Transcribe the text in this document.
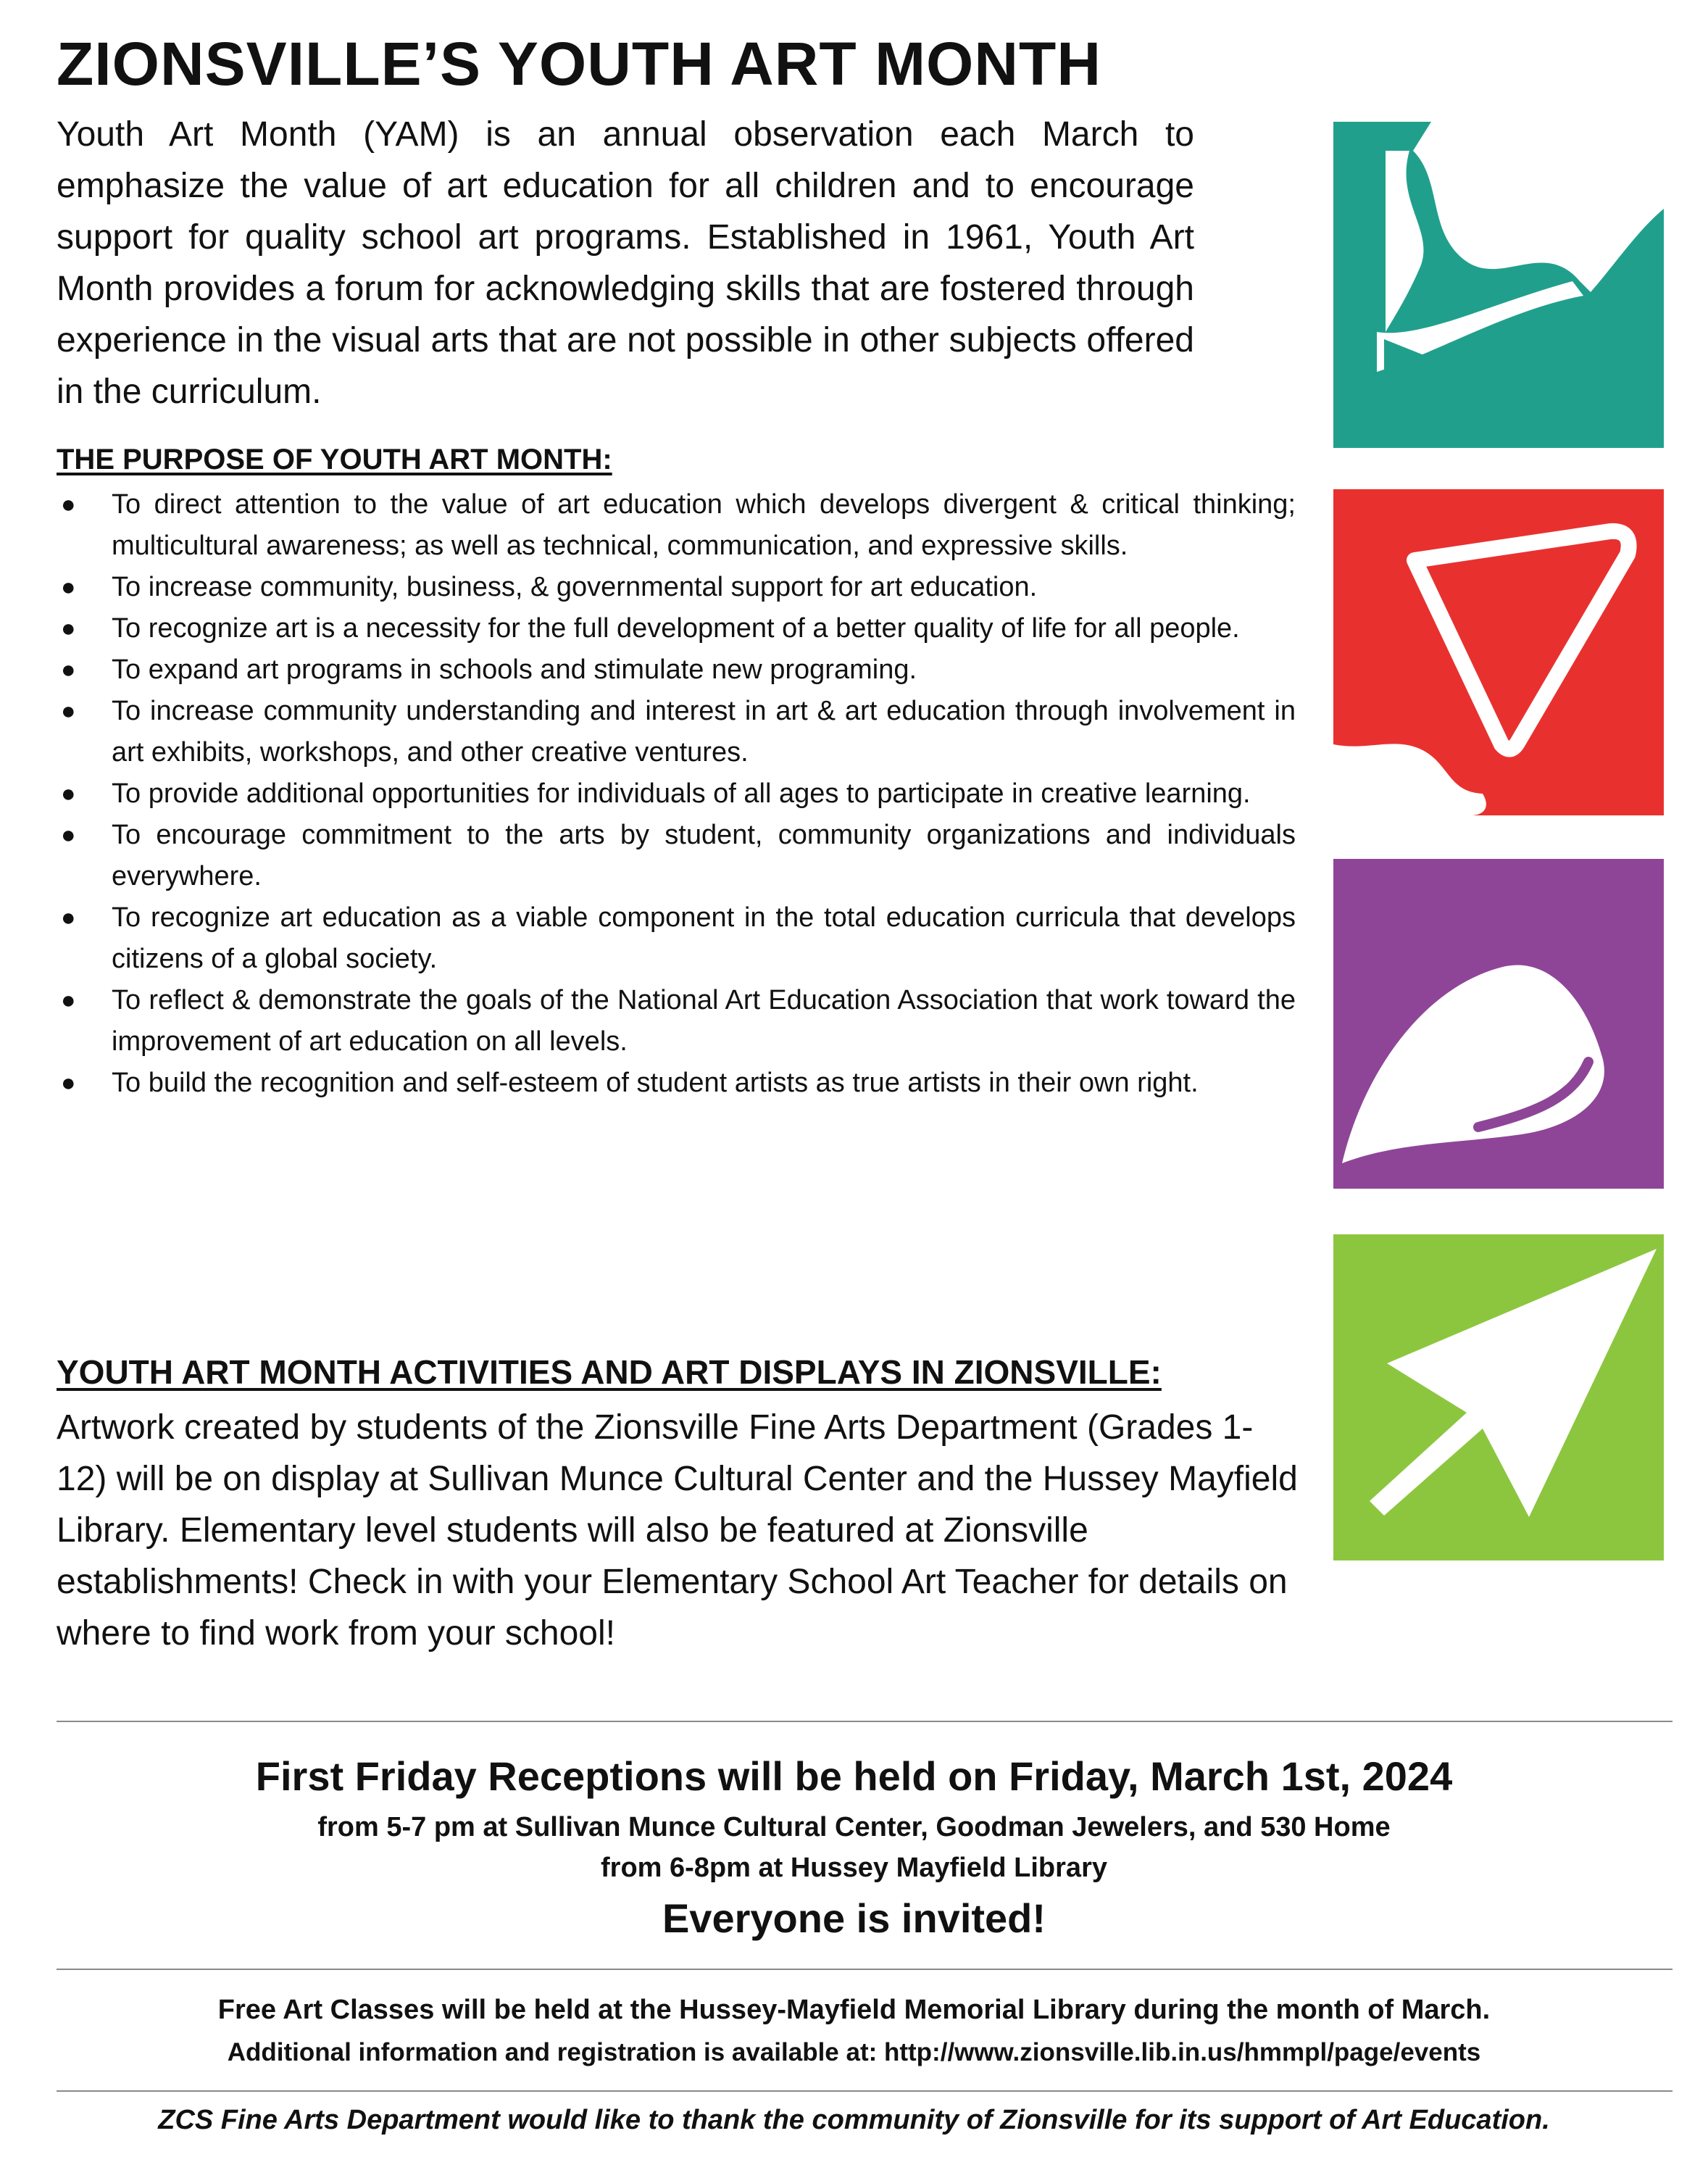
ZIONSVILLE’S YOUTH ART MONTH

Youth Art Month (YAM) is an annual observation each March to emphasize the value of art education for all children and to encourage support for quality school art programs. Established in 1961, Youth Art Month provides a forum for acknowledging skills that are fostered through experience in the visual arts that are not possible in other subjects offered in the curriculum.

THE PURPOSE OF YOUTH ART MONTH:
● To direct attention to the value of art education which develops divergent & critical thinking; multicultural awareness; as well as technical, communication, and expressive skills.
● To increase community, business, & governmental support for art education.
● To recognize art is a necessity for the full development of a better quality of life for all people.
● To expand art programs in schools and stimulate new programing.
● To increase community understanding and interest in art & art education through involvement in art exhibits, workshops, and other creative ventures.
● To provide additional opportunities for individuals of all ages to participate in creative learning.
● To encourage commitment to the arts by student, community organizations and individuals everywhere.
● To recognize art education as a viable component in the total education curricula that develops citizens of a global society.
● To reflect & demonstrate the goals of the National Art Education Association that work toward the improvement of art education on all levels.
● To build the recognition and self-esteem of student artists as true artists in their own right.
YOUTH ART MONTH ACTIVITIES AND ART DISPLAYS IN ZIONSVILLE:

Artwork created by students of the Zionsville Fine Arts Department (Grades 1-12) will be on display at Sullivan Munce Cultural Center and the Hussey Mayfield Library. Elementary level students will also be featured at Zionsville establishments! Check in with your Elementary School Art Teacher for details on where to find work from your school!

First Friday Receptions will be held on Friday, March 1st, 2024
from 5-7 pm at Sullivan Munce Cultural Center, Goodman Jewelers, and 530 Home
from 6-8pm at Hussey Mayfield Library
Everyone is invited!
Free Art Classes will be held at the Hussey-Mayfield Memorial Library during the month of March.
Additional information and registration is available at: http://www.zionsville.lib.in.us/hmmpl/page/events
ZCS Fine Arts Department would like to thank the community of Zionsville for its support of Art Education.
